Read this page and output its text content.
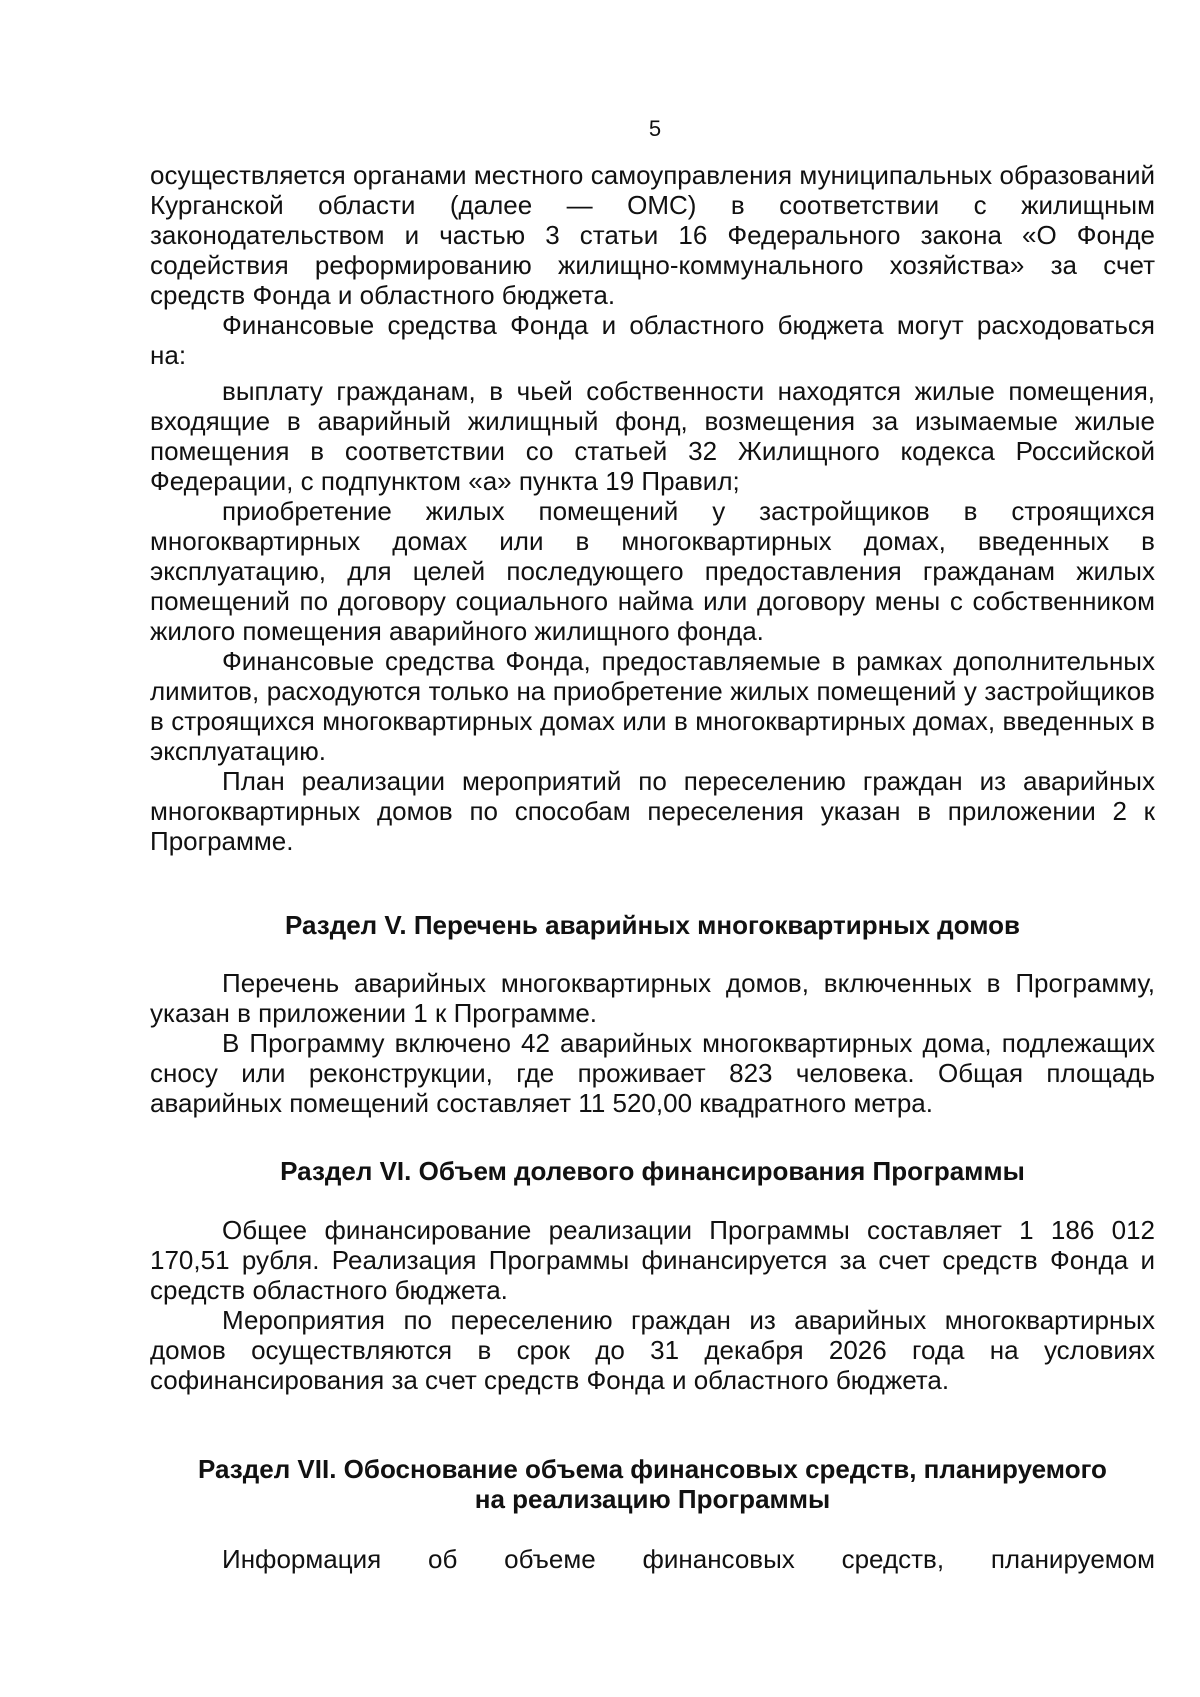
5

осуществляется органами местного самоуправления муниципальных образований Курганской области (далее — ОМС) в соответствии с жилищным законодательством и частью 3 статьи 16 Федерального закона «О Фонде содействия реформированию жилищно-коммунального хозяйства» за счет средств Фонда и областного бюджета.

Финансовые средства Фонда и областного бюджета могут расходоваться на:

выплату гражданам, в чьей собственности находятся жилые помещения, входящие в аварийный жилищный фонд, возмещения за изымаемые жилые помещения в соответствии со статьей 32 Жилищного кодекса Российской Федерации, с подпунктом «а» пункта 19 Правил;

приобретение жилых помещений у застройщиков в строящихся многоквартирных домах или в многоквартирных домах, введенных в эксплуатацию, для целей последующего предоставления гражданам жилых помещений по договору социального найма или договору мены с собственником жилого помещения аварийного жилищного фонда.

Финансовые средства Фонда, предоставляемые в рамках дополнительных лимитов, расходуются только на приобретение жилых помещений у застройщиков в строящихся многоквартирных домах или в многоквартирных домах, введенных в эксплуатацию.

План реализации мероприятий по переселению граждан из аварийных многоквартирных домов по способам переселения указан в приложении 2 к Программе.

Раздел V. Перечень аварийных многоквартирных домов

Перечень аварийных многоквартирных домов, включенных в Программу, указан в приложении 1 к Программе.

В Программу включено 42 аварийных многоквартирных дома, подлежащих сносу или реконструкции, где проживает 823 человека. Общая площадь аварийных помещений составляет 11 520,00 квадратного метра.

Раздел VI. Объем долевого финансирования Программы

Общее финансирование реализации Программы составляет 1 186 012 170,51 рубля. Реализация Программы финансируется за счет средств Фонда и средств областного бюджета.

Мероприятия по переселению граждан из аварийных многоквартирных домов осуществляются в срок до 31 декабря 2026 года на условиях софинансирования за счет средств Фонда и областного бюджета.

Раздел VII. Обоснование объема финансовых средств, планируемого

на реализацию Программы

Информация об объеме финансовых средств, планируемом
